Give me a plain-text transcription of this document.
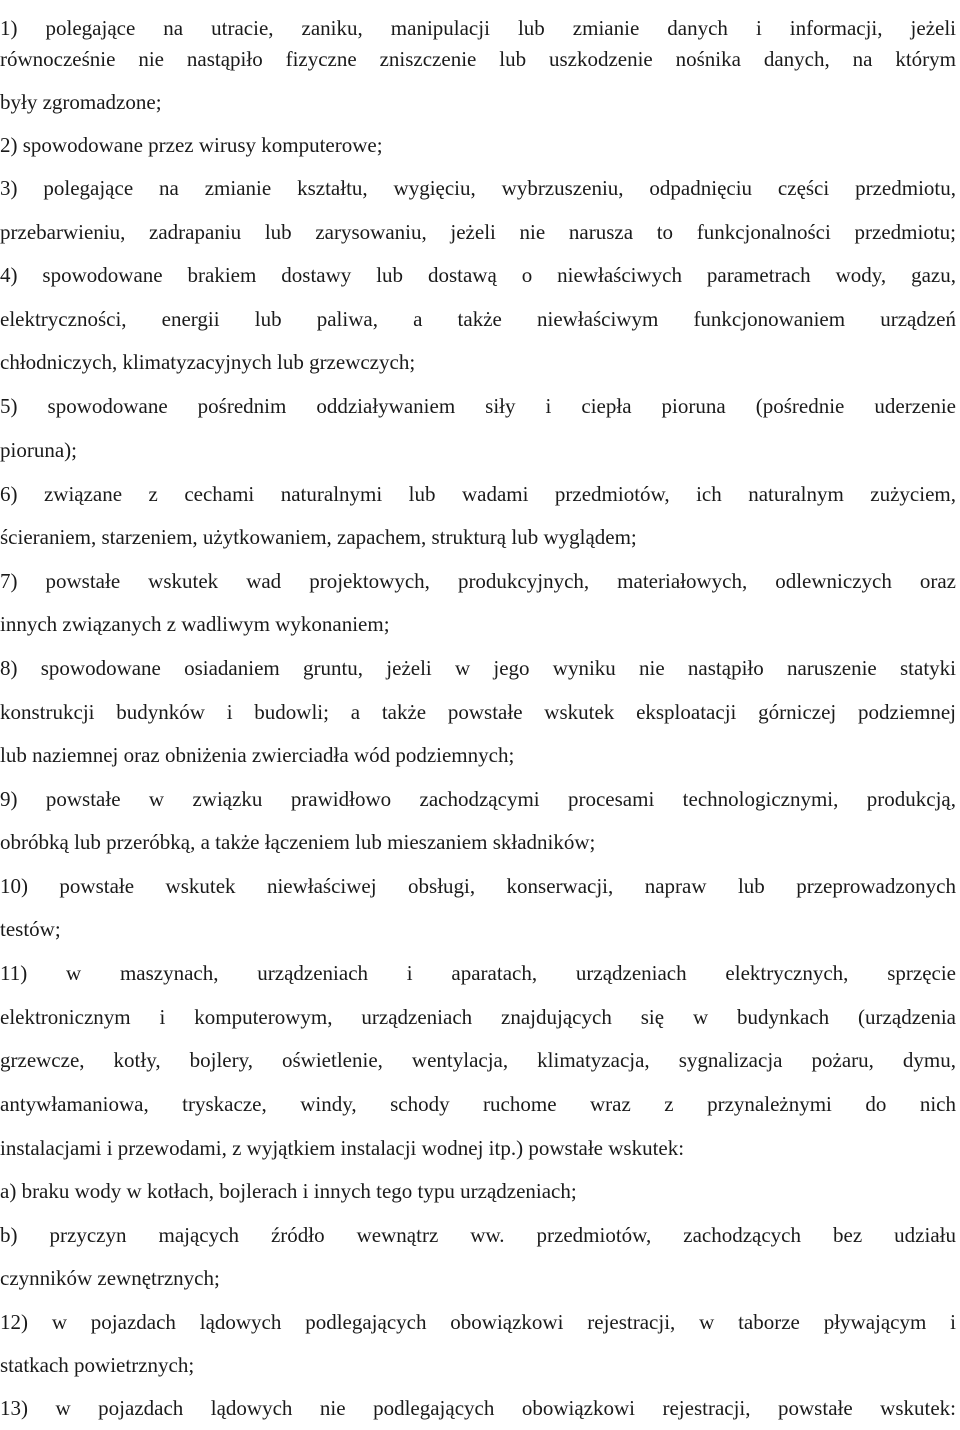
1) polegające na utracie, zaniku, manipulacji lub zmianie danych i informacji, jeżeli
równocześnie nie nastąpiło fizyczne zniszczenie lub uszkodzenie nośnika danych, na którym
były zgromadzone;
2) spowodowane przez wirusy komputerowe;
3) polegające na zmianie kształtu, wygięciu, wybrzuszeniu, odpadnięciu części przedmiotu,
przebarwieniu, zadrapaniu lub zarysowaniu, jeżeli nie narusza to funkcjonalności przedmiotu;
4) spowodowane brakiem dostawy lub dostawą o niewłaściwych parametrach wody, gazu,
elektryczności, energii lub paliwa, a także niewłaściwym funkcjonowaniem urządzeń
chłodniczych, klimatyzacyjnych lub grzewczych;
5) spowodowane pośrednim oddziaływaniem siły i ciepła pioruna (pośrednie uderzenie
pioruna);
6) związane z cechami naturalnymi lub wadami przedmiotów, ich naturalnym zużyciem,
ścieraniem, starzeniem, użytkowaniem, zapachem, strukturą lub wyglądem;
7) powstałe wskutek wad projektowych, produkcyjnych, materiałowych, odlewniczych oraz
innych związanych z wadliwym wykonaniem;
8) spowodowane osiadaniem gruntu, jeżeli w jego wyniku nie nastąpiło naruszenie statyki
konstrukcji budynków i budowli; a także powstałe wskutek eksploatacji górniczej podziemnej
lub naziemnej oraz obniżenia zwierciadła wód podziemnych;
9) powstałe w związku prawidłowo zachodzącymi procesami technologicznymi, produkcją,
obróbką lub przeróbką, a także łączeniem lub mieszaniem składników;
10) powstałe wskutek niewłaściwej obsługi, konserwacji, napraw lub przeprowadzonych
testów;
11) w maszynach, urządzeniach i aparatach, urządzeniach elektrycznych, sprzęcie
elektronicznym i komputerowym, urządzeniach znajdujących się w budynkach (urządzenia
grzewcze, kotły, bojlery, oświetlenie, wentylacja, klimatyzacja, sygnalizacja pożaru, dymu,
antywłamaniowa, tryskacze, windy, schody ruchome wraz z przynależnymi do nich
instalacjami i przewodami, z wyjątkiem instalacji wodnej itp.) powstałe wskutek:
a) braku wody w kotłach, bojlerach i innych tego typu urządzeniach;
b) przyczyn mających źródło wewnątrz ww. przedmiotów, zachodzących bez udziału
czynników zewnętrznych;
12) w pojazdach lądowych podlegających obowiązkowi rejestracji, w taborze pływającym i
statkach powietrznych;
13) w pojazdach lądowych nie podlegających obowiązkowi rejestracji, powstałe wskutek:
